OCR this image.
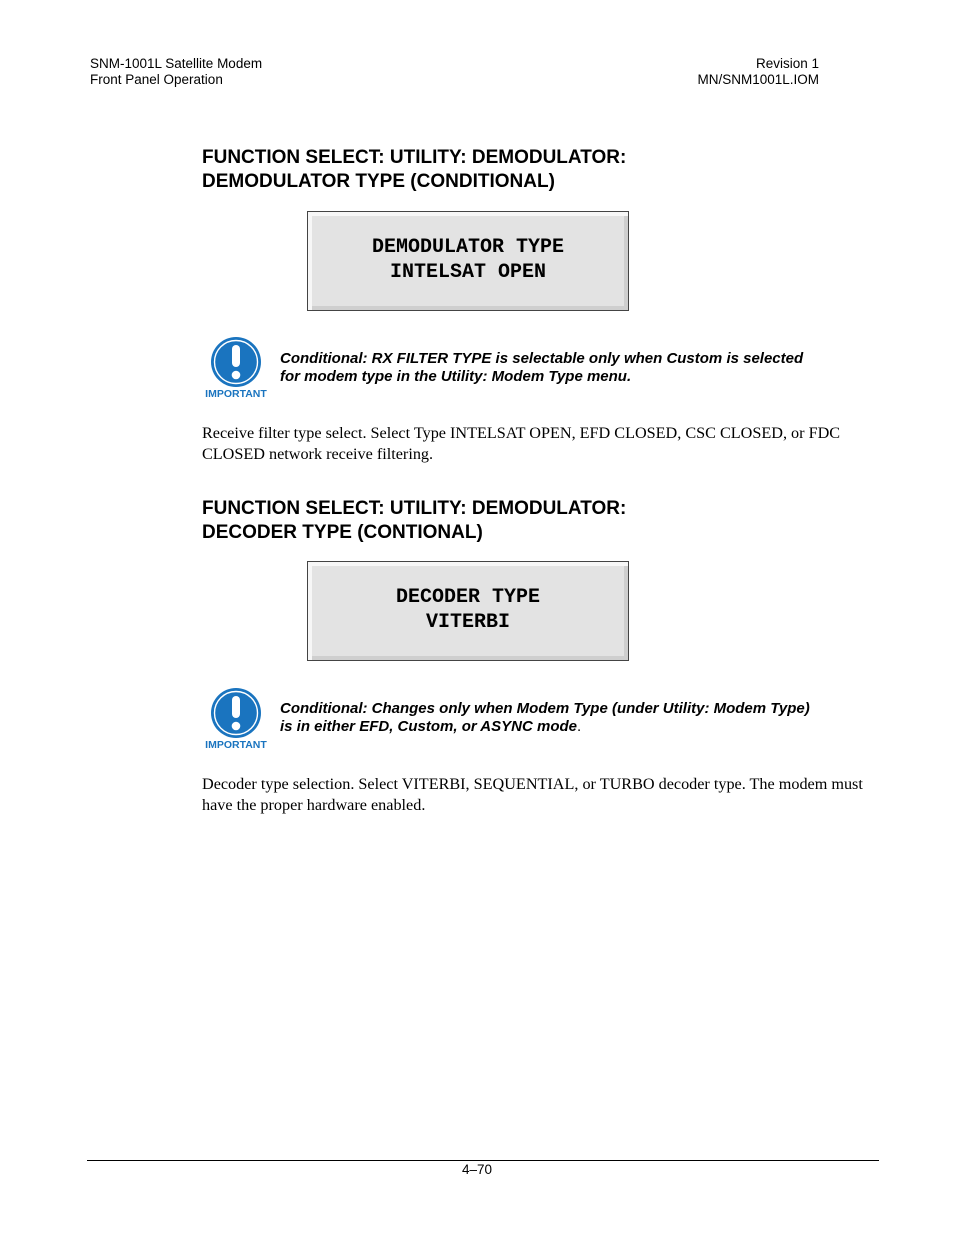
SNM-1001L Satellite Modem
Front Panel Operation
Revision 1
MN/SNM1001L.IOM
FUNCTION SELECT: UTILITY: DEMODULATOR:
DEMODULATOR TYPE (CONDITIONAL)
DEMODULATOR TYPE
INTELSAT OPEN
IMPORTANT
Conditional: RX FILTER TYPE is selectable only when Custom is selected for modem type in the Utility: Modem Type menu.
Receive filter type select. Select Type INTELSAT OPEN, EFD CLOSED, CSC CLOSED, or FDC CLOSED network receive filtering.
FUNCTION SELECT: UTILITY: DEMODULATOR:
DECODER TYPE (CONTIONAL)
DECODER TYPE
VITERBI
IMPORTANT
Conditional: Changes only when Modem Type (under Utility: Modem Type) is in either EFD, Custom, or ASYNC mode.
Decoder type selection. Select VITERBI, SEQUENTIAL, or TURBO decoder type. The modem must have the proper hardware enabled.
4–70
